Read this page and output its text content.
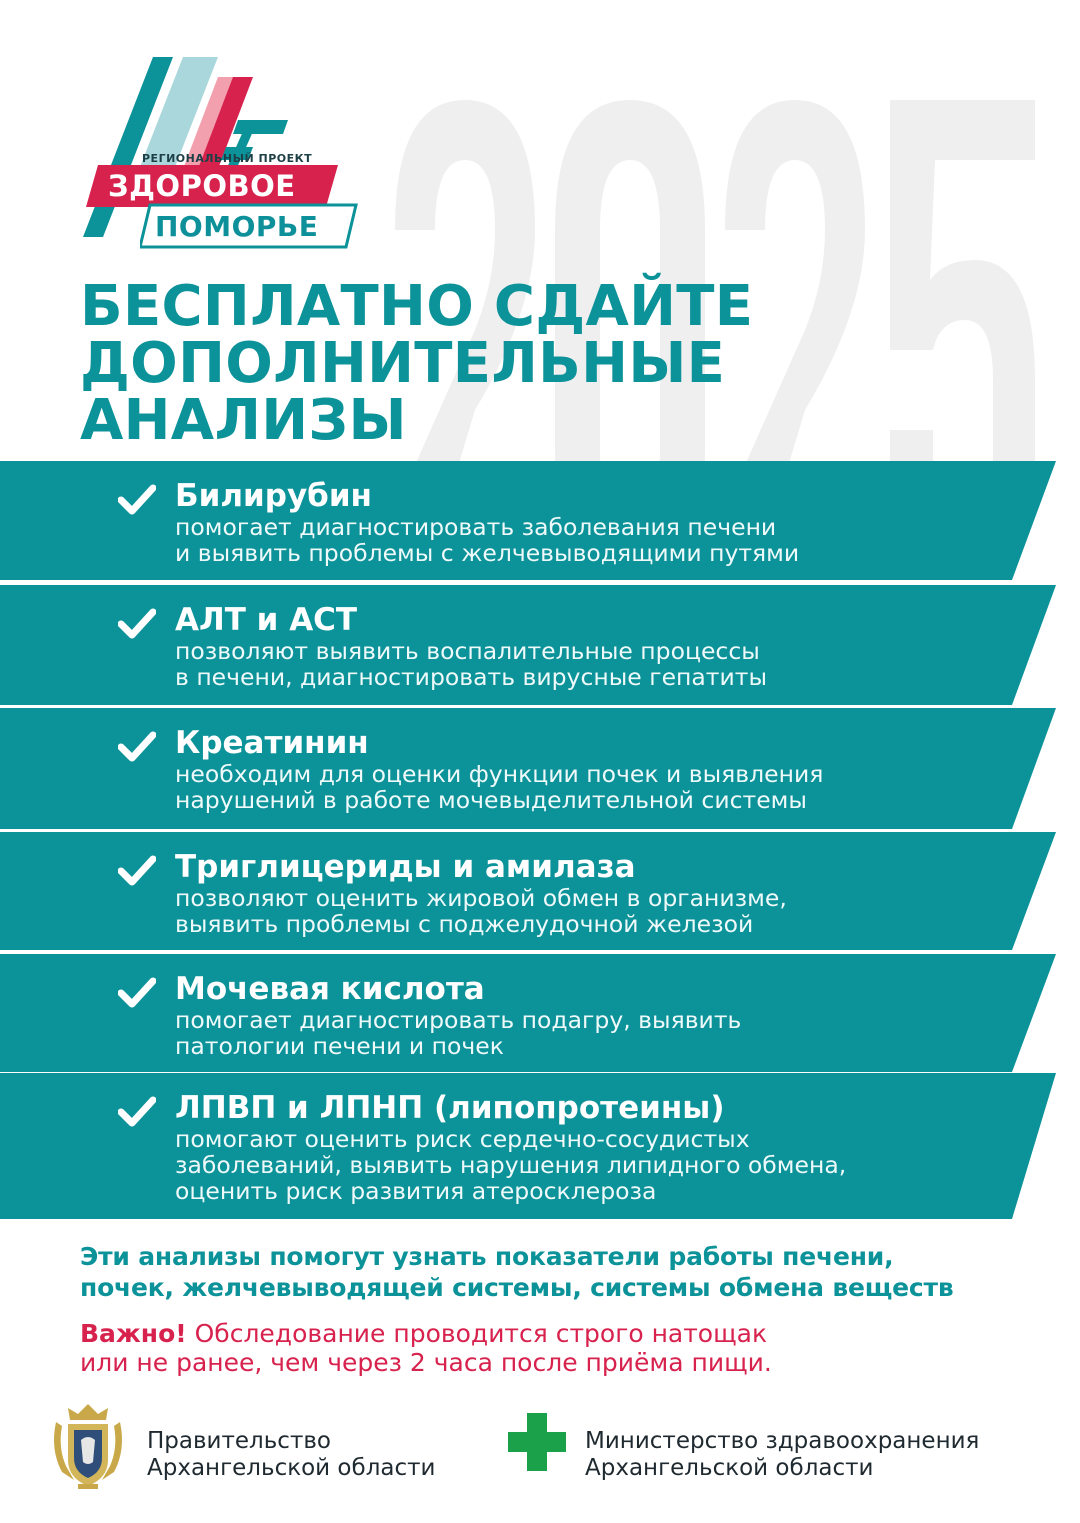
РЕГИОНАЛЬНЫЙ ПРОЕКТ
ЗДОРОВОЕ
ПОМОРЬЕ
БЕСПЛАТНО СДАЙТЕ
ДОПОЛНИТЕЛЬНЫЕ
АНАЛИЗЫ
Билирубин
помогает диагностировать заболевания печени
и выявить проблемы с желчевыводящими путями
АЛТ и АСТ
позволяют выявить воспалительные процессы
в печени, диагностировать вирусные гепатиты
Креатинин
необходим для оценки функции почек и выявления
нарушений в работе мочевыделительной системы
Триглицериды и амилаза
позволяют оценить жировой обмен в организме,
выявить проблемы с поджелудочной железой
Мочевая кислота
помогает диагностировать подагру, выявить
патологии печени и почек
ЛПВП и ЛПНП (липопротеины)
помогают оценить риск сердечно-сосудистых
заболеваний, выявить нарушения липидного обмена,
оценить риск развития атеросклероза
Эти анализы помогут узнать показатели работы печени,
почек, желчевыводящей системы, системы обмена веществ
Важно! Обследование проводится строго натощак
или не ранее, чем через 2 часа после приёма пищи.
Правительство
Архангельской области
Министерство здравоохранения
Архангельской области
